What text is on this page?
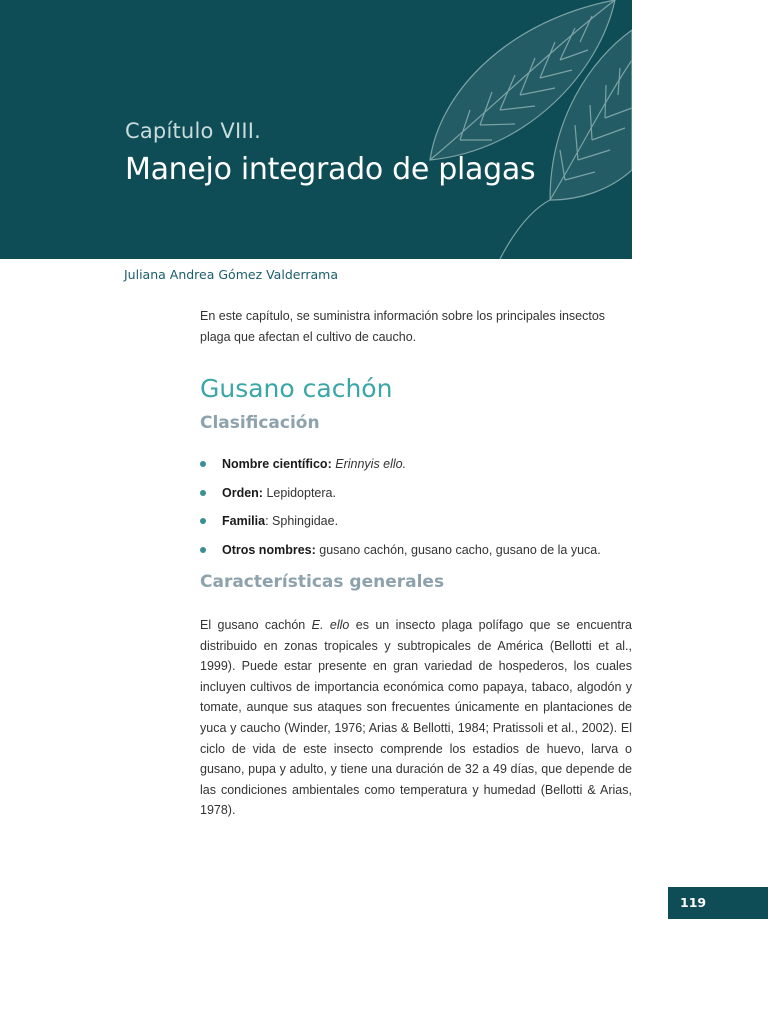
Capítulo VIII.
Manejo integrado de plagas
Juliana Andrea Gómez Valderrama

En este capítulo, se suministra información sobre los principales insectos plaga que afectan el cultivo de caucho.

Gusano cachón
Clasificación
Nombre científico: Erinnyis ello.
Orden: Lepidoptera.
Familia: Sphingidae.
Otros nombres: gusano cachón, gusano cacho, gusano de la yuca.
Características generales

El gusano cachón E. ello es un insecto plaga polífago que se encuentra distribuido en zonas tropicales y subtropicales de América (Bellotti et al., 1999). Puede estar presente en gran variedad de hospederos, los cuales incluyen cultivos de importancia económica como papaya, tabaco, algodón y tomate, aunque sus ataques son frecuentes únicamente en plantaciones de yuca y caucho (Winder, 1976; Arias & Bellotti, 1984; Pratissoli et al., 2002). El ciclo de vida de este insecto comprende los estadios de huevo, larva o gusano, pupa y adulto, y tiene una duración de 32 a 49 días, que depende de las condiciones ambientales como temperatura y humedad (Bellotti & Arias, 1978).

119
